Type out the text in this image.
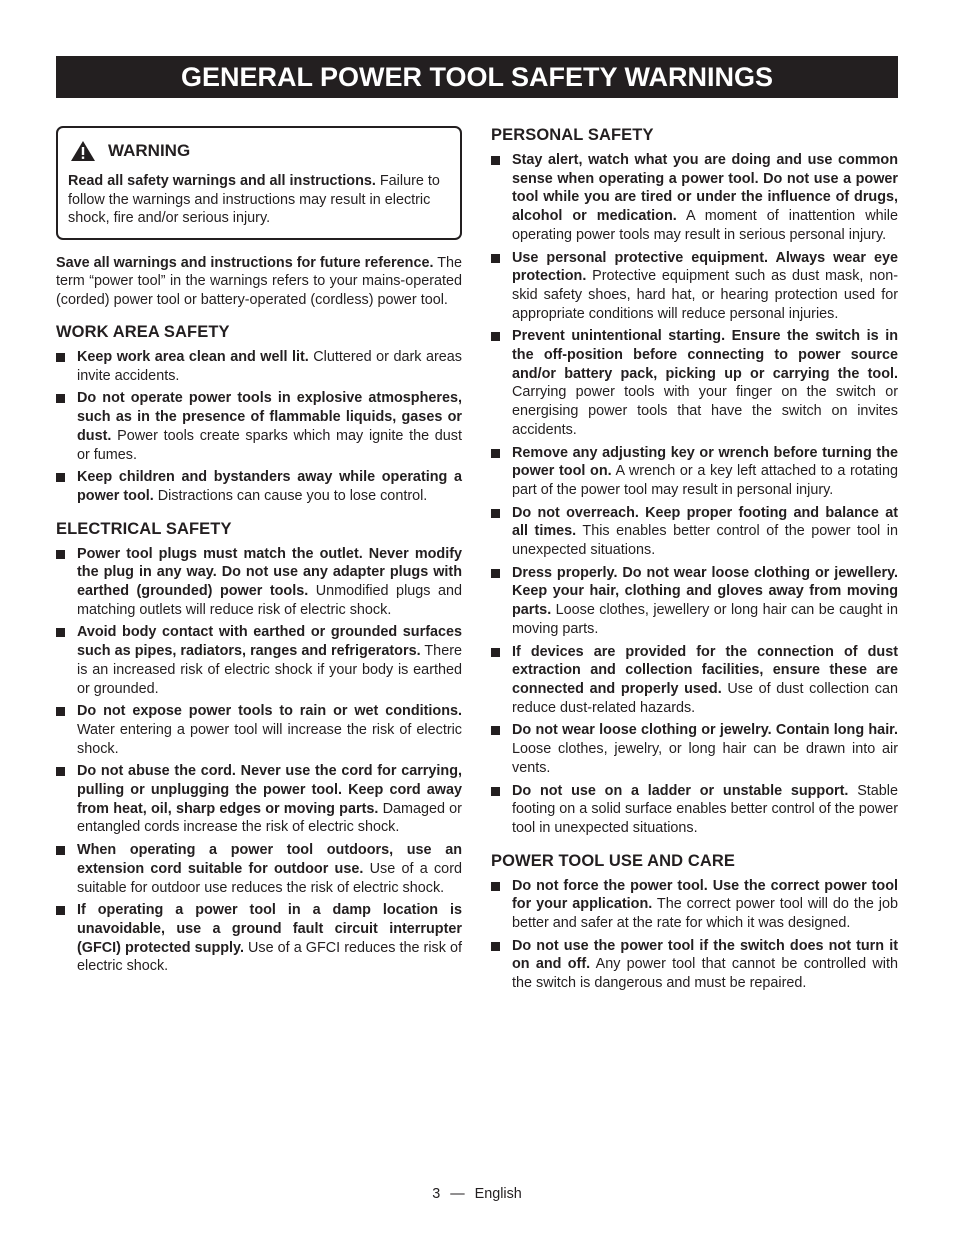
GENERAL POWER TOOL SAFETY WARNINGS
WARNING
Read all safety warnings and all instructions. Failure to follow the warnings and instructions may result in electric shock, fire and/or serious injury.

Save all warnings and instructions for future reference. The term “power tool” in the warnings refers to your mains-operated (corded) power tool or battery-operated (cordless) power tool.

WORK AREA SAFETY
Keep work area clean and well lit. Cluttered or dark areas invite accidents.
Do not operate power tools in explosive atmospheres, such as in the presence of flammable liquids, gases or dust. Power tools create sparks which may ignite the dust or fumes.
Keep children and bystanders away while operating a power tool. Distractions can cause you to lose control.
ELECTRICAL SAFETY
Power tool plugs must match the outlet. Never modify the plug in any way. Do not use any adapter plugs with earthed (grounded) power tools. Unmodified plugs and matching outlets will reduce risk of electric shock.
Avoid body contact with earthed or grounded surfaces such as pipes, radiators, ranges and refrigerators. There is an increased risk of electric shock if your body is earthed or grounded.
Do not expose power tools to rain or wet conditions. Water entering a power tool will increase the risk of electric shock.
Do not abuse the cord. Never use the cord for carrying, pulling or unplugging the power tool. Keep cord away from heat, oil, sharp edges or moving parts. Damaged or entangled cords increase the risk of electric shock.
When operating a power tool outdoors, use an extension cord suitable for outdoor use. Use of a cord suitable for outdoor use reduces the risk of electric shock.
If operating a power tool in a damp location is unavoidable, use a ground fault circuit interrupter (GFCI) protected supply. Use of a GFCI reduces the risk of electric shock.
PERSONAL SAFETY
Stay alert, watch what you are doing and use common sense when operating a power tool. Do not use a power tool while you are tired or under the influence of drugs, alcohol or medication. A moment of inattention while operating power tools may result in serious personal injury.
Use personal protective equipment. Always wear eye protection. Protective equipment such as dust mask, non-skid safety shoes, hard hat, or hearing protection used for appropriate conditions will reduce personal injuries.
Prevent unintentional starting. Ensure the switch is in the off-position before connecting to power source and/or battery pack, picking up or carrying the tool. Carrying power tools with your finger on the switch or energising power tools that have the switch on invites accidents.
Remove any adjusting key or wrench before turning the power tool on. A wrench or a key left attached to a rotating part of the power tool may result in personal injury.
Do not overreach. Keep proper footing and balance at all times. This enables better control of the power tool in unexpected situations.
Dress properly. Do not wear loose clothing or jewellery. Keep your hair, clothing and gloves away from moving parts. Loose clothes, jewellery or long hair can be caught in moving parts.
If devices are provided for the connection of dust extraction and collection facilities, ensure these are connected and properly used. Use of dust collection can reduce dust-related hazards.
Do not wear loose clothing or jewelry. Contain long hair. Loose clothes, jewelry, or long hair can be drawn into air vents.
Do not use on a ladder or unstable support. Stable footing on a solid surface enables better control of the power tool in unexpected situations.
POWER TOOL USE AND CARE
Do not force the power tool. Use the correct power tool for your application. The correct power tool will do the job better and safer at the rate for which it was designed.
Do not use the power tool if the switch does not turn it on and off. Any power tool that cannot be controlled with the switch is dangerous and must be repaired.
3 — English
